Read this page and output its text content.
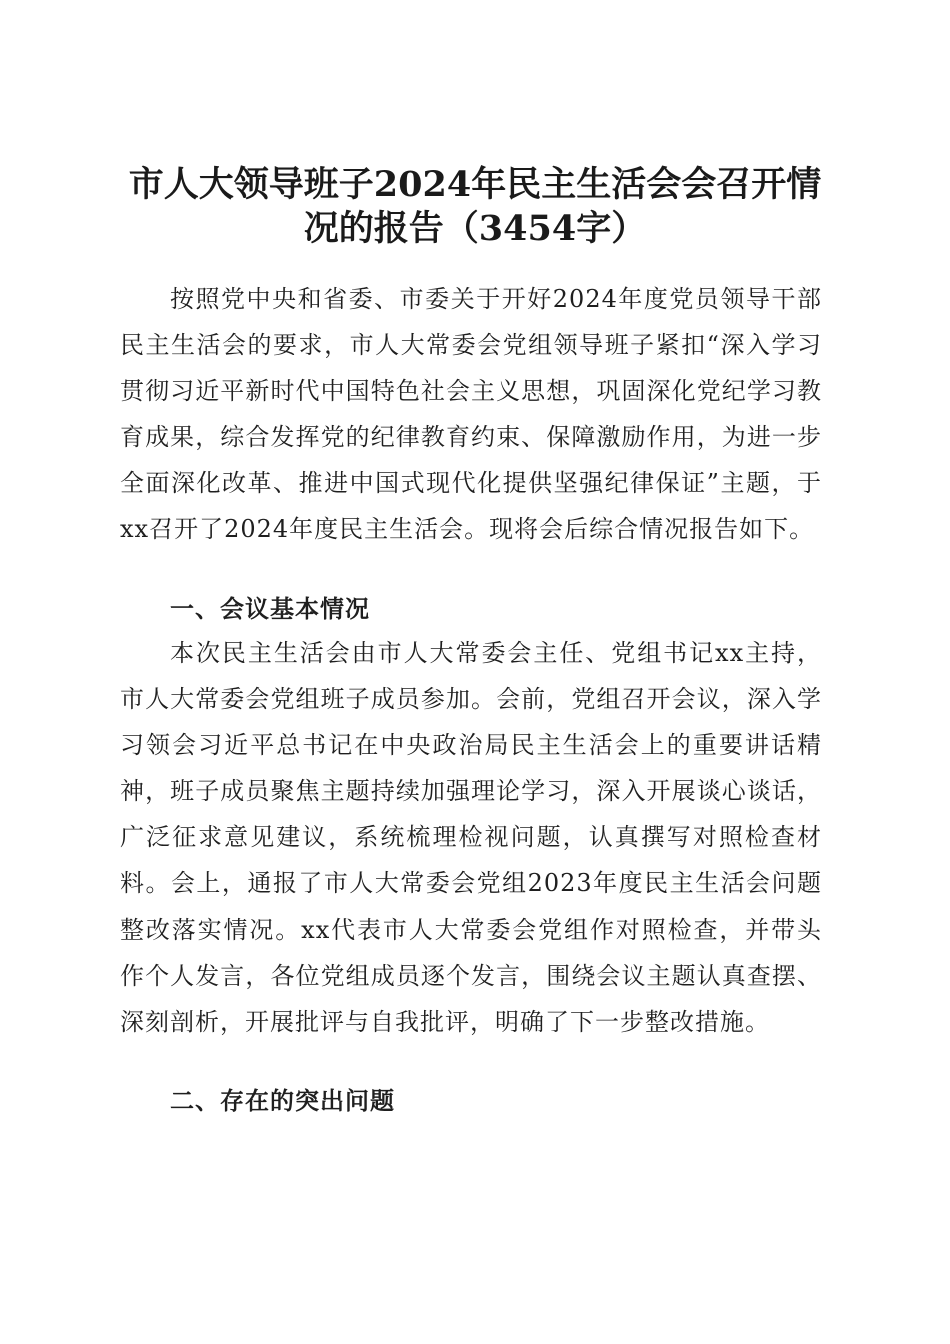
市人大领导班子2024年民主生活会会召开情况的报告（3454字）

按照党中央和省委、市委关于开好2024年度党员领导干部民主生活会的要求，市人大常委会党组领导班子紧扣“深入学习贯彻习近平新时代中国特色社会主义思想，巩固深化党纪学习教育成果，综合发挥党的纪律教育约束、保障激励作用，为进一步全面深化改革、推进中国式现代化提供坚强纪律保证”主题，于xx召开了2024年度民主生活会。现将会后综合情况报告如下。

一、会议基本情况

本次民主生活会由市人大常委会主任、党组书记xx主持，市人大常委会党组班子成员参加。会前，党组召开会议，深入学习领会习近平总书记在中央政治局民主生活会上的重要讲话精神，班子成员聚焦主题持续加强理论学习，深入开展谈心谈话，广泛征求意见建议，系统梳理检视问题，认真撰写对照检查材料。会上，通报了市人大常委会党组2023年度民主生活会问题整改落实情况。xx代表市人大常委会党组作对照检查，并带头作个人发言，各位党组成员逐个发言，围绕会议主题认真查摆、深刻剖析，开展批评与自我批评，明确了下一步整改措施。

二、存在的突出问题
